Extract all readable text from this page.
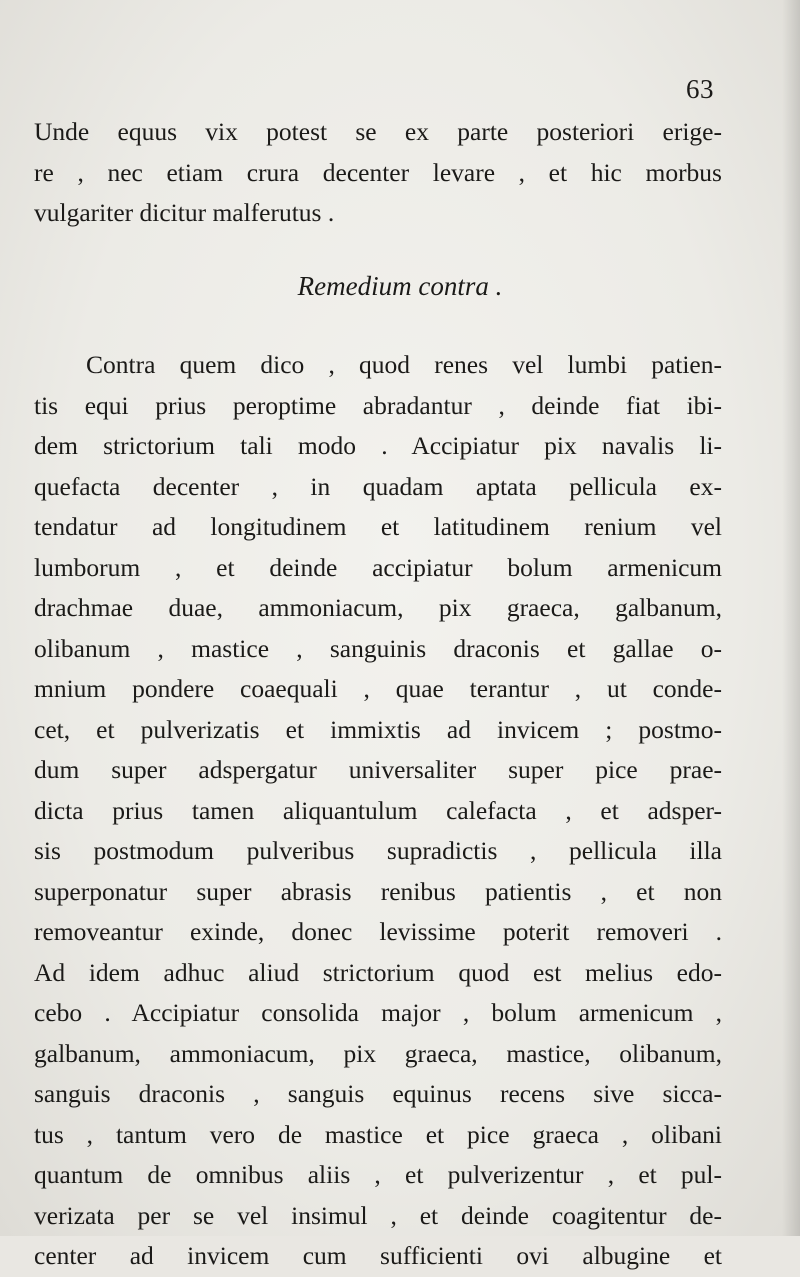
63
Unde equus vix potest se ex parte posteriori erige-
re , nec etiam crura decenter levare , et hic morbus
vulgariter dicitur malferutus .
Remedium contra .
Contra quem dico , quod renes vel lumbi patien-
tis equi prius peroptime abradantur , deinde fiat ibi-
dem strictorium tali modo . Accipiatur pix navalis li-
quefacta decenter , in quadam aptata pellicula ex-
tendatur ad longitudinem et latitudinem renium vel
lumborum , et deinde accipiatur bolum armenicum
drachmae duae, ammoniacum, pix graeca, galbanum,
olibanum , mastice , sanguinis draconis et gallae o-
mnium pondere coaequali , quae terantur , ut conde-
cet, et pulverizatis et immixtis ad invicem ; postmo-
dum super adspergatur universaliter super pice prae-
dicta prius tamen aliquantulum calefacta , et adsper-
sis postmodum pulveribus supradictis , pellicula illa
superponatur super abrasis renibus patientis , et non
removeantur exinde, donec levissime poterit removeri .
Ad idem adhuc aliud strictorium quod est melius edo-
cebo . Accipiatur consolida major , bolum armenicum ,
galbanum, ammoniacum, pix graeca, mastice, olibanum,
sanguis draconis , sanguis equinus recens sive sicca-
tus , tantum vero de mastice et pice graeca , olibani
quantum de omnibus aliis , et pulverizentur , et pul-
verizata per se vel insimul , et deinde coagitentur de-
center ad invicem cum sufficienti ovi albugine et
